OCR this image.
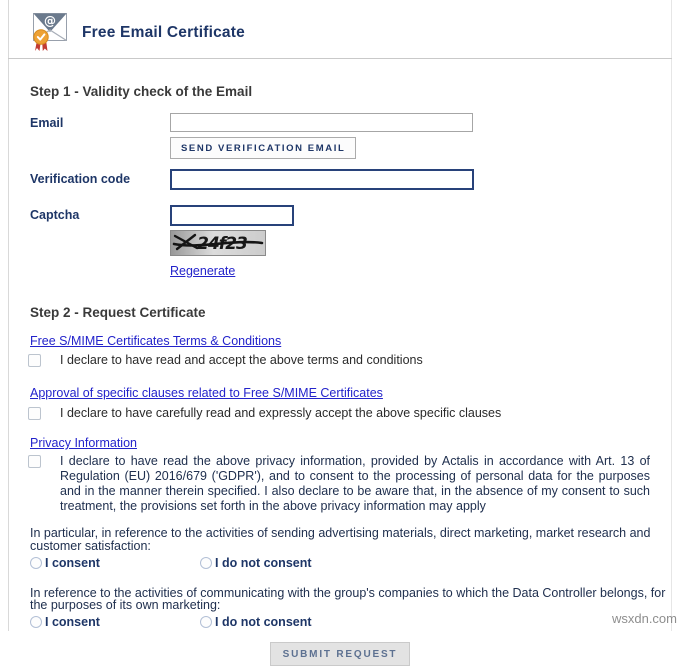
@
Free Email Certificate
Step 1 - Validity check of the Email
Email
SEND VERIFICATION EMAIL
Verification code
Captcha
24f23
Regenerate
Step 2 - Request Certificate
Free S/MIME Certificates Terms & Conditions
I declare to have read and accept the above terms and conditions
Approval of specific clauses related to Free S/MIME Certificates
I declare to have carefully read and expressly accept the above specific clauses
Privacy Information
I declare to have read the above privacy information, provided by Actalis in accordance with Art. 13 of Regulation (EU) 2016/679 ('GDPR'), and to consent to the processing of personal data for the purposes and in the manner therein specified. I also declare to be aware that, in the absence of my consent to such treatment, the provisions set forth in the above privacy information may apply
In particular, in reference to the activities of sending advertising materials, direct marketing, market research and customer satisfaction:
I consent	I do not consent
In reference to the activities of communicating with the group's companies to which the Data Controller belongs, for the purposes of its own marketing:
I consent	I do not consent
SUBMIT REQUEST
wsxdn.com
